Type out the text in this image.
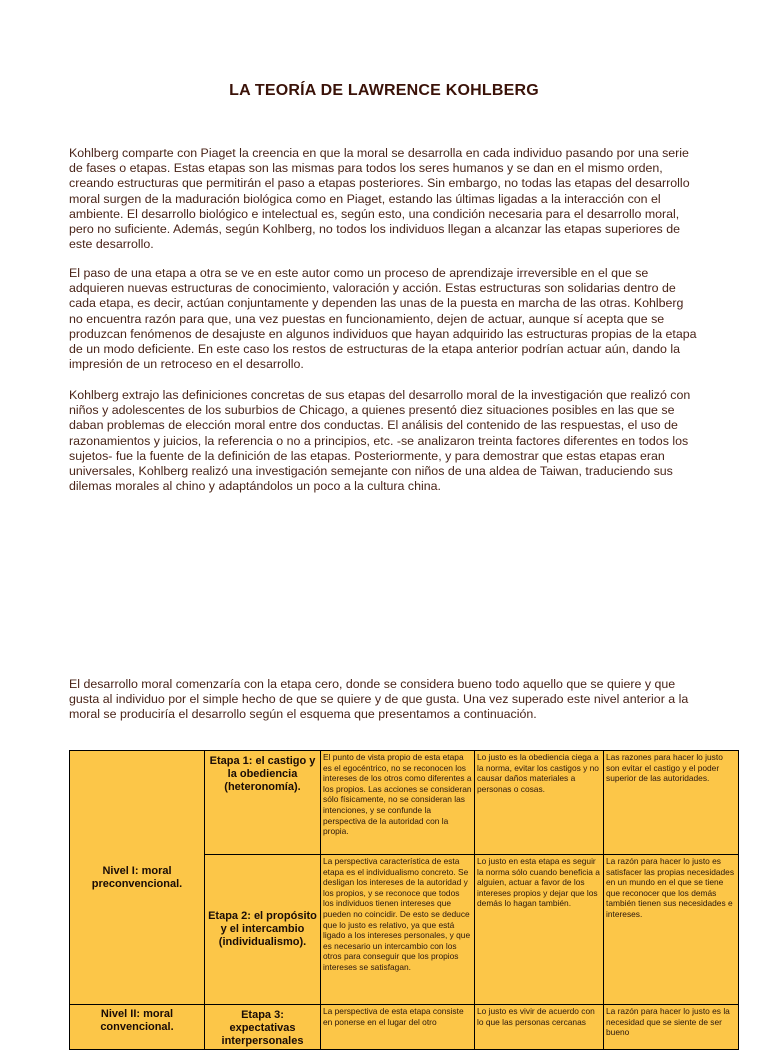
LA TEORÍA DE LAWRENCE KOHLBERG

Kohlberg comparte con Piaget la creencia en que la moral se desarrolla en cada individuo pasando por una serie de fases o etapas. Estas etapas son las mismas para todos los seres humanos y se dan en el mismo orden, creando estructuras que permitirán el paso a etapas posteriores. Sin embargo, no todas las etapas del desarrollo moral surgen de la maduración biológica como en Piaget, estando las últimas ligadas a la interacción con el ambiente. El desarrollo biológico e intelectual es, según esto, una condición necesaria para el desarrollo moral, pero no suficiente. Además, según Kohlberg, no todos los individuos llegan a alcanzar las etapas superiores de este desarrollo.

El paso de una etapa a otra se ve en este autor como un proceso de aprendizaje irreversible en el que se adquieren nuevas estructuras de conocimiento, valoración y acción. Estas estructuras son solidarias dentro de cada etapa, es decir, actúan conjuntamente y dependen las unas de la puesta en marcha de las otras. Kohlberg no encuentra razón para que, una vez puestas en funcionamiento, dejen de actuar, aunque sí acepta que se produzcan fenómenos de desajuste en algunos individuos que hayan adquirido las estructuras propias de la etapa de un modo deficiente. En este caso los restos de estructuras de la etapa anterior podrían actuar aún, dando la impresión de un retroceso en el desarrollo.

Kohlberg extrajo las definiciones concretas de sus etapas del desarrollo moral de la investigación que realizó con niños y adolescentes de los suburbios de Chicago, a quienes presentó diez situaciones posibles en las que se daban problemas de elección moral entre dos conductas. El análisis del contenido de las respuestas, el uso de razonamientos y juicios, la referencia o no a principios, etc. -se analizaron treinta factores diferentes en todos los sujetos- fue la fuente de la definición de las etapas. Posteriormente, y para demostrar que estas etapas eran universales, Kohlberg realizó una investigación semejante con niños de una aldea de Taiwan, traduciendo sus dilemas morales al chino y adaptándolos un poco a la cultura china.

El desarrollo moral comenzaría con la etapa cero, donde se considera bueno todo aquello que se quiere y que gusta al individuo por el simple hecho de que se quiere y de que gusta. Una vez superado este nivel anterior a la moral se produciría el desarrollo según el esquema que presentamos a continuación.

Nivel I: moral preconvencional.	Etapa 1: el castigo y la obediencia (heteronomía).	El punto de vista propio de esta etapa es el egocéntrico, no se reconocen los intereses de los otros como diferentes a los propios. Las acciones se consideran sólo físicamente, no se consideran las intenciones, y se confunde la perspectiva de la autoridad con la propia.	Lo justo es la obediencia ciega a la norma, evitar los castigos y no causar daños materiales a personas o cosas.	Las razones para hacer lo justo son evitar el castigo y el poder superior de las autoridades.
	Etapa 2: el propósito y el intercambio (individualismo).	La perspectiva característica de esta etapa es el individualismo concreto. Se desligan los intereses de la autoridad y los propios, y se reconoce que todos los individuos tienen intereses que pueden no coincidir. De esto se deduce que lo justo es relativo, ya que está ligado a los intereses personales, y que es necesario un intercambio con los otros para conseguir que los propios intereses se satisfagan.	Lo justo en esta etapa es seguir la norma sólo cuando beneficia a alguien, actuar a favor de los intereses propios y dejar que los demás lo hagan también.	La razón para hacer lo justo es satisfacer las propias necesidades en un mundo en el que se tiene que reconocer que los demás también tienen sus necesidades e intereses.
Nivel II: moral convencional.	Etapa 3: expectativas interpersonales	La perspectiva de esta etapa consiste en ponerse en el lugar del otro	Lo justo es vivir de acuerdo con lo que las personas cercanas	La razón para hacer lo justo es la necesidad que se siente de ser bueno
